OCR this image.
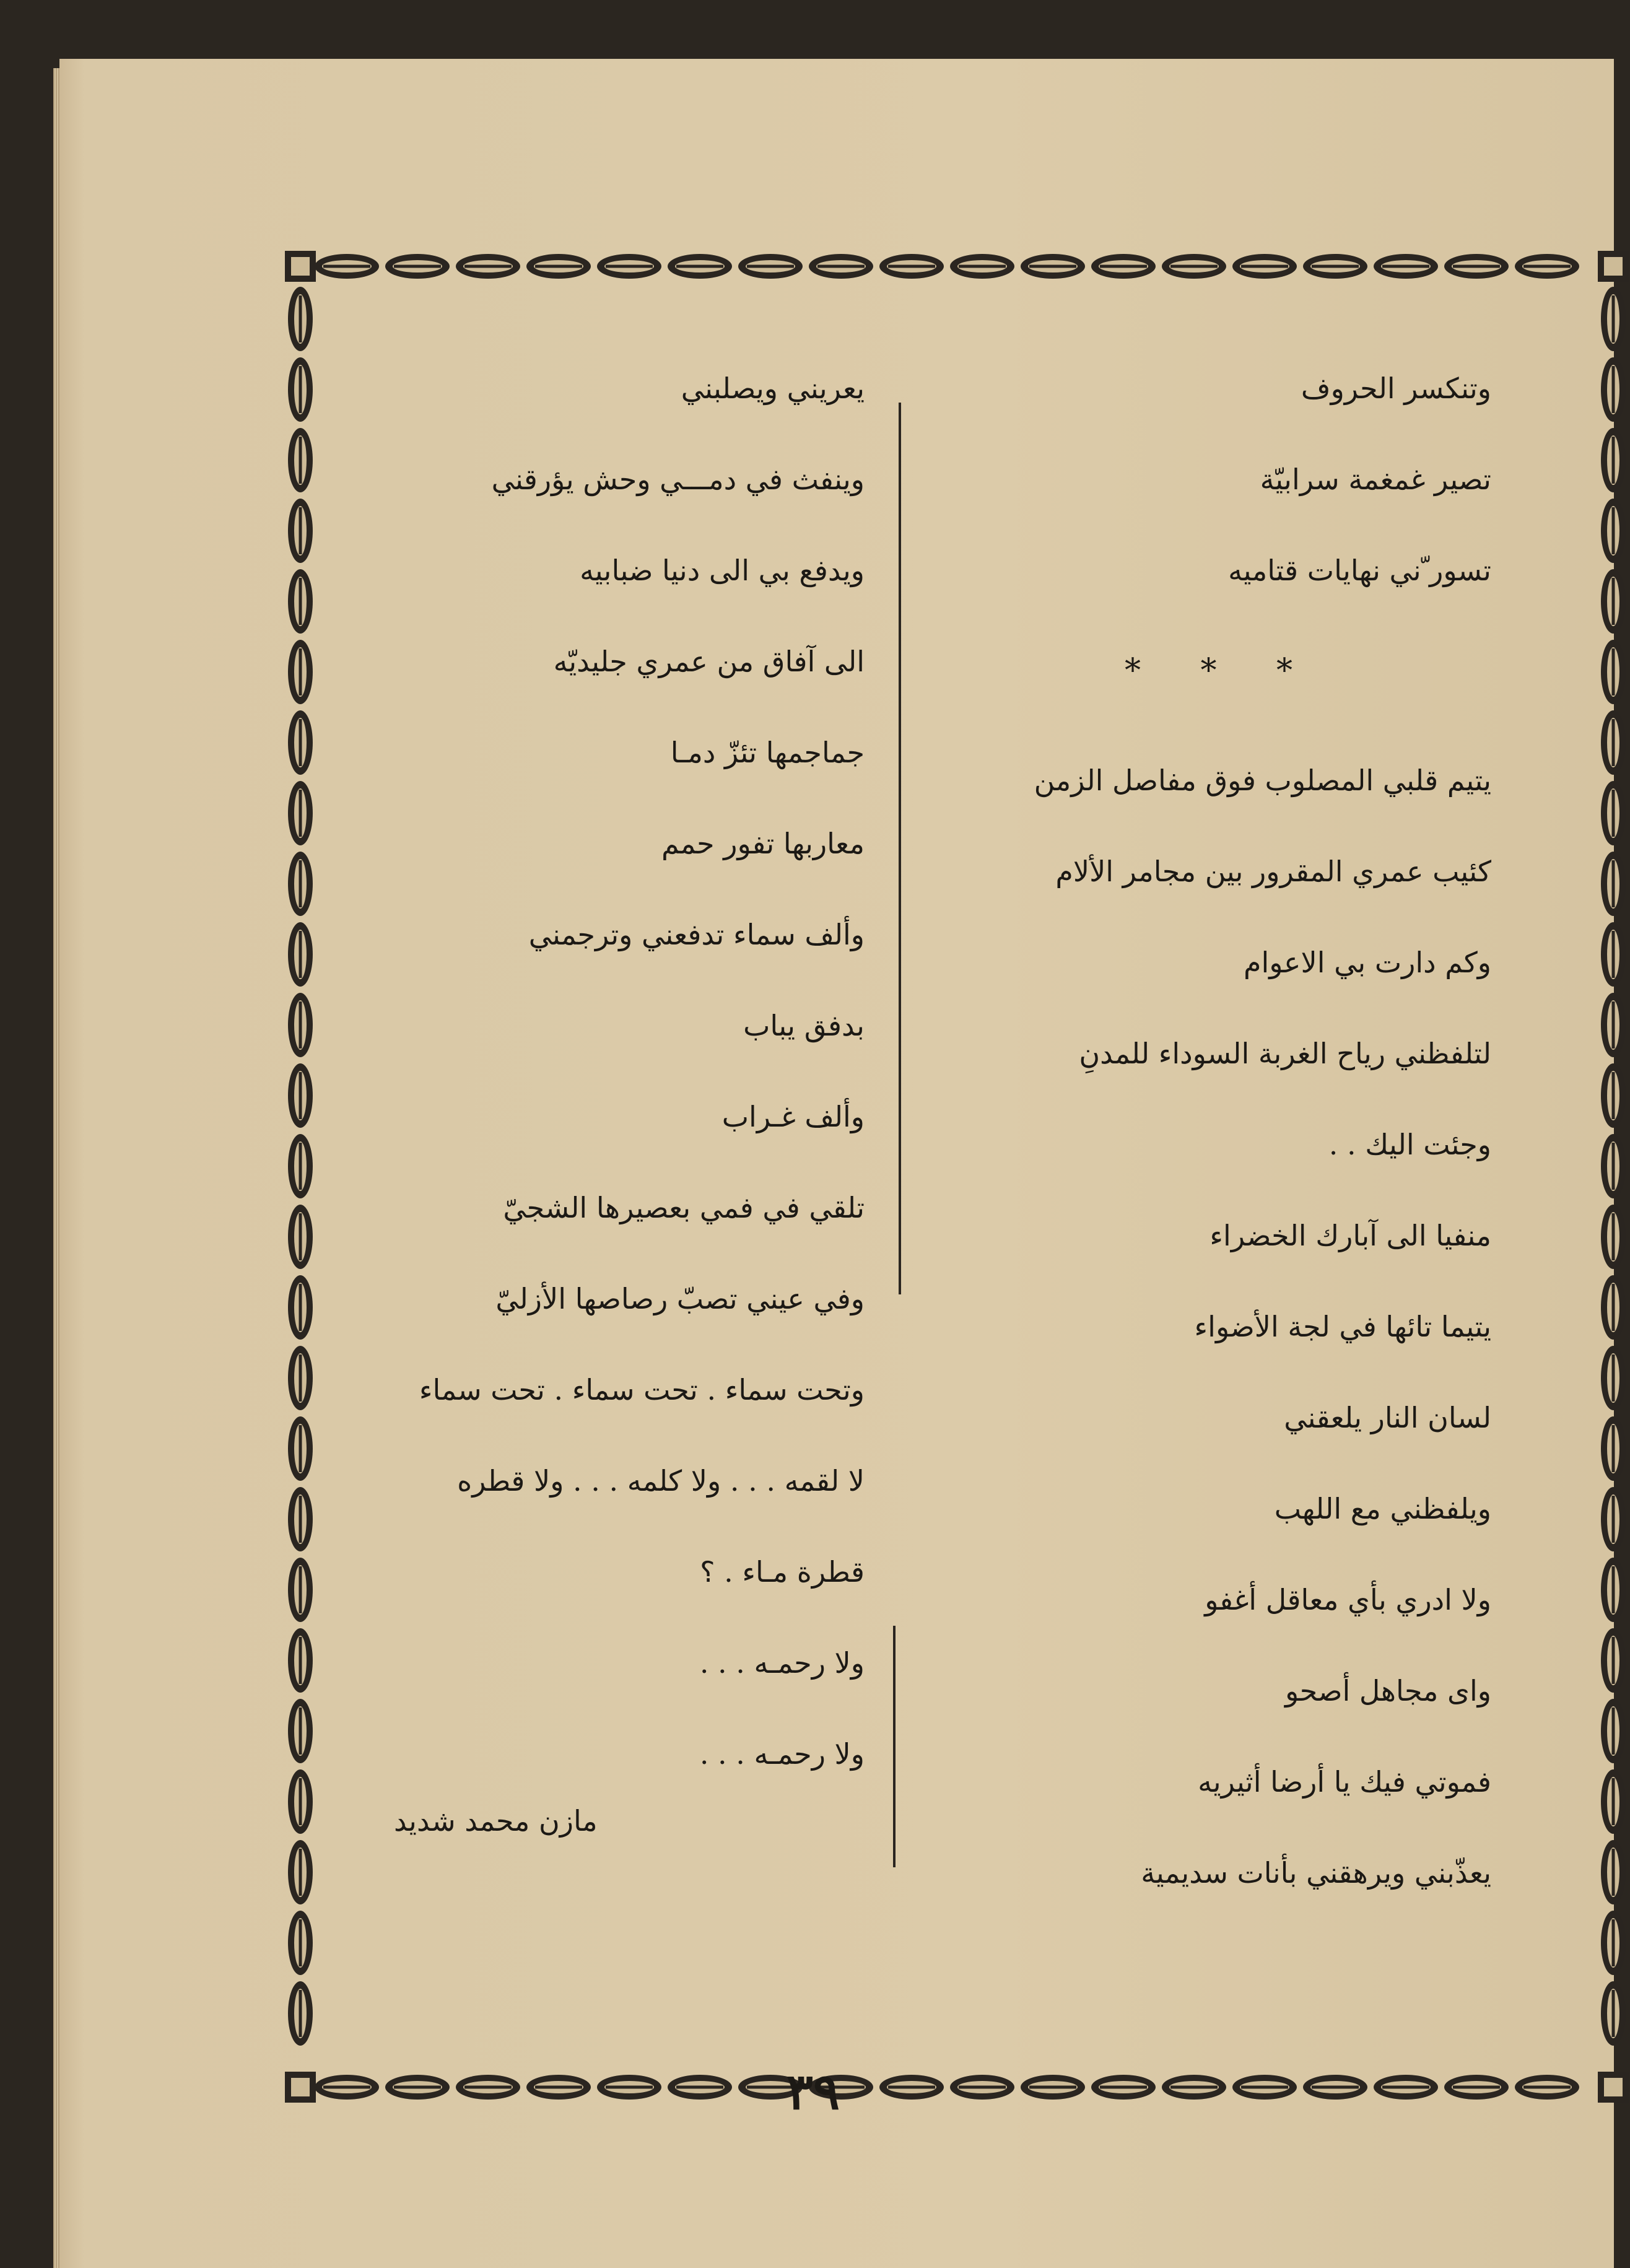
* * *
مازن محمد شديد
وتنكسر الحروف
تصير غمغمة سرابيّة
تسور ّني نهايات قتاميه
يتيم قلبي المصلوب فوق مفاصل الزمن
كئيب عمري المقرور بين مجامر الألام
وكم دارت بي الاعوام
لتلفظني رياح الغربة السوداء للمدنِ
وجئت اليك . .
منفيا الى آبارك الخضراء
يتيما تائها في لجة الأضواء
لسان النار يلعقني
ويلفظني مع اللهب
ولا ادري بأي معاقل أغفو
واى مجاهل أصحو
فموتي فيك يا أرضا أثيريه
يعذّبني ويرهقني بأنات سديمية
يعريني ويصلبني
وينفث في دمـــي وحش يؤرقني
ويدفع بي الى دنيا ضبابيه
الى آفاق من عمري جليديّه
جماجمها تئزّ دمـا
معاربها تفور حمم
وألف سماء تدفعني وترجمني
بدفق يباب
وألف غـراب
تلقي في فمي بعصيرها الشجيّ
وفي عيني تصبّ رصاصها الأزليّ
وتحت سماء . تحت سماء . تحت سماء
لا لقمه . . . ولا كلمه . . . ولا قطره
قطرة مـاء . ؟
ولا رحمـه . . .
ولا رحمـه . . .
٣٩
